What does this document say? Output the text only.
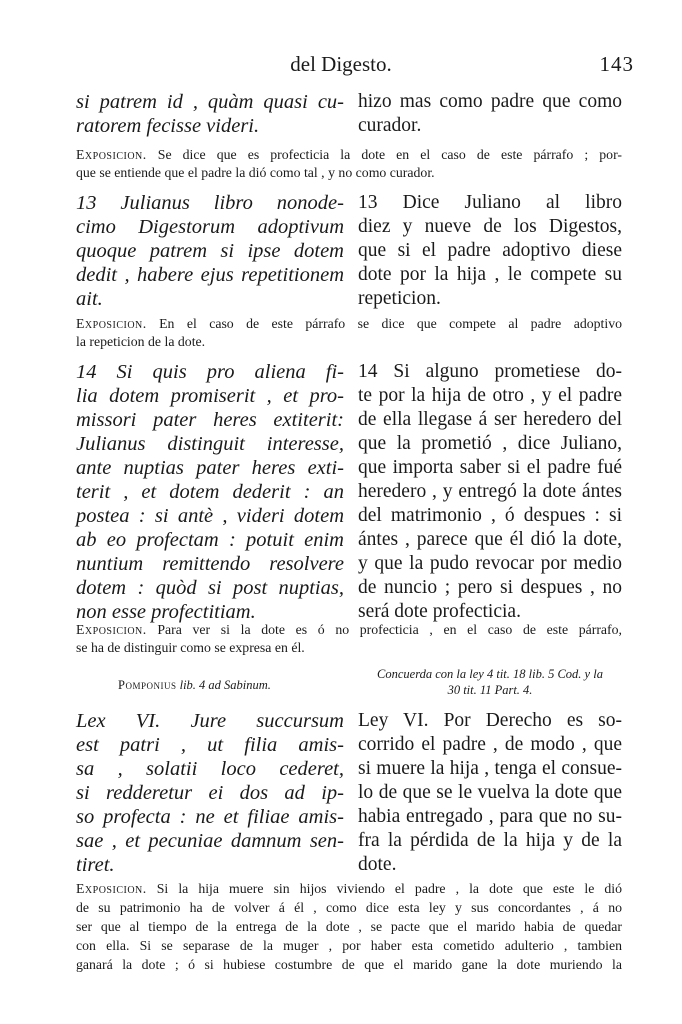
del Digesto.	143

si patrem id , quàm quasi cu-
ratorem fecisse videri.

hizo mas como padre que como
curador.

Exposicion. Se dice que es profecticia la dote en el caso de este párrafo ; por-
que se entiende que el padre la dió como tal , y no como curador.

13 Julianus libro nonode-
cimo Digestorum adoptivum
quoque patrem si ipse dotem
dedit , habere ejus repetitionem
ait.

13 Dice Juliano al libro
diez y nueve de los Digestos,
que si el padre adoptivo diese
dote por la hija , le compete su
repeticion.

Exposicion. En el caso de este párrafo se dice que compete al padre adoptivo
la repeticion de la dote.

14 Si quis pro aliena fi-
lia dotem promiserit , et pro-
missori pater heres extiterit:
Julianus distinguit interesse,
ante nuptias pater heres exti-
terit , et dotem dederit : an
postea : si antè , videri dotem
ab eo profectam : potuit enim
nuntium remittendo resolvere
dotem : quòd si post nuptias,
non esse profectitiam.

14 Si alguno prometiese do-
te por la hija de otro , y el padre
de ella llegase á ser heredero del
que la prometió , dice Juliano,
que importa saber si el padre fué
heredero , y entregó la dote ántes
del matrimonio , ó despues : si
ántes , parece que él dió la dote,
y que la pudo revocar por medio
de nuncio ; pero si despues , no
será dote profecticia.

Exposicion. Para ver si la dote es ó no profecticia , en el caso de este párrafo,
se ha de distinguir como se expresa en él.
Pomponius lib. 4 ad Sabinum.
Concuerda con la ley 4 tit. 18 lib. 5 Cod. y la
30 tit. 11 Part. 4.

Lex VI. Jure succursum
est patri , ut filia amis-
sa , solatii loco cederet,
si redderetur ei dos ad ip-
so profecta : ne et filiae amis-
sae , et pecuniae damnum sen-
tiret.

Ley VI. Por Derecho es so-
corrido el padre , de modo , que
si muere la hija , tenga el consue-
lo de que se le vuelva la dote que
habia entregado , para que no su-
fra la pérdida de la hija y de la
dote.

Exposicion. Si la hija muere sin hijos viviendo el padre , la dote que este le dió
de su patrimonio ha de volver á él , como dice esta ley y sus concordantes , á no
ser que al tiempo de la entrega de la dote , se pacte que el marido habia de quedar
con ella. Si se separase de la muger , por haber esta cometido adulterio , tambien
ganará la dote ; ó si hubiese costumbre de que el marido gane la dote muriendo la
